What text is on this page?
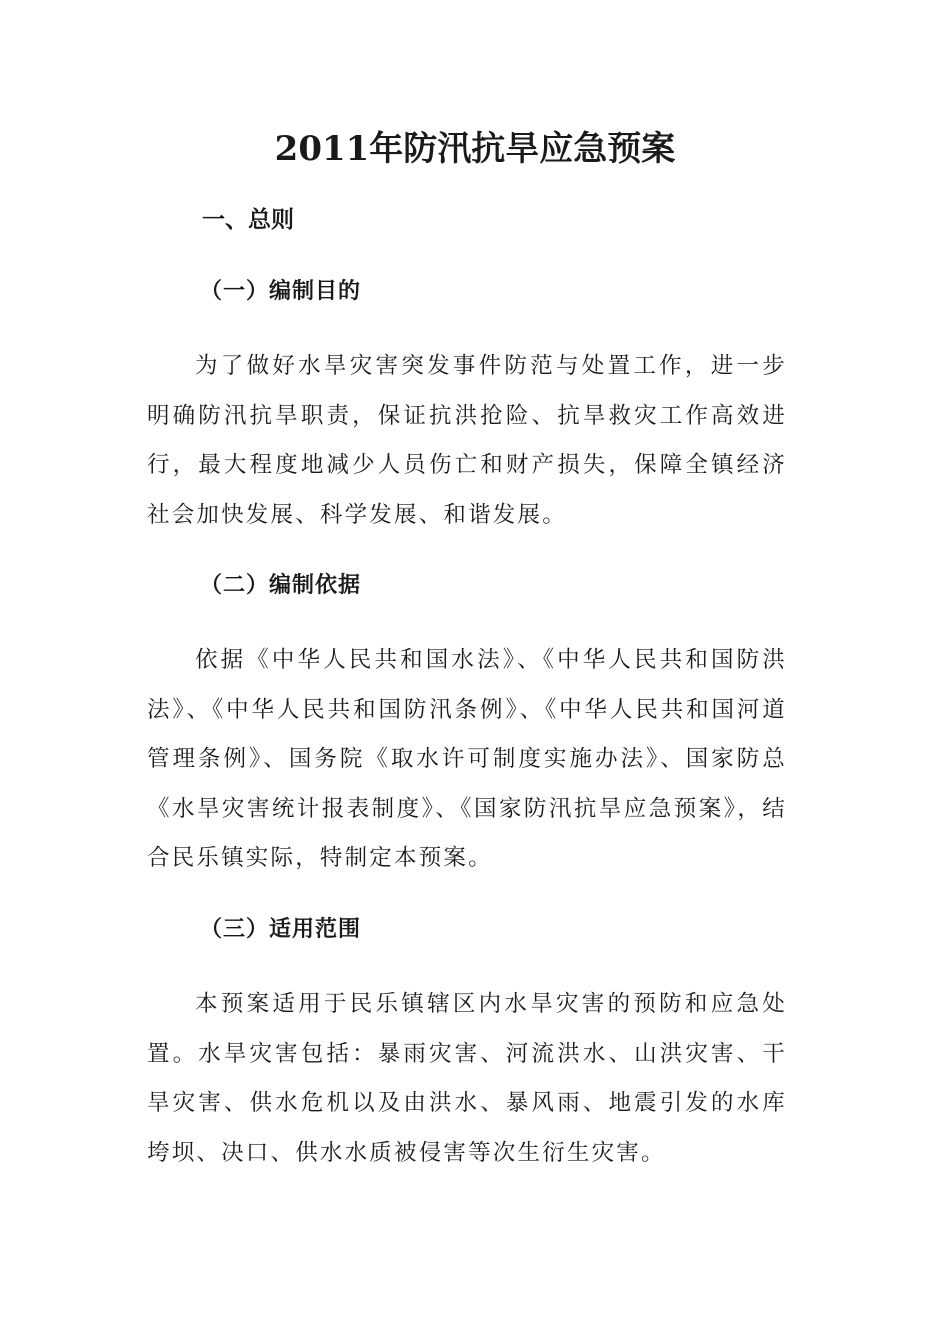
2011年防汛抗旱应急预案
一、总则
（一）编制目的

为了做好水旱灾害突发事件防范与处置工作，进一步明确防汛抗旱职责，保证抗洪抢险、抗旱救灾工作高效进行，最大程度地减少人员伤亡和财产损失，保障全镇经济社会加快发展、科学发展、和谐发展。

（二）编制依据

依据《中华人民共和国水法》、《中华人民共和国防洪法》、《中华人民共和国防汛条例》、《中华人民共和国河道管理条例》、国务院《取水许可制度实施办法》、国家防总《水旱灾害统计报表制度》、《国家防汛抗旱应急预案》，结合民乐镇实际，特制定本预案。

（三）适用范围

本预案适用于民乐镇辖区内水旱灾害的预防和应急处置。水旱灾害包括：暴雨灾害、河流洪水、山洪灾害、干旱灾害、供水危机以及由洪水、暴风雨、地震引发的水库垮坝、决口、供水水质被侵害等次生衍生灾害。
